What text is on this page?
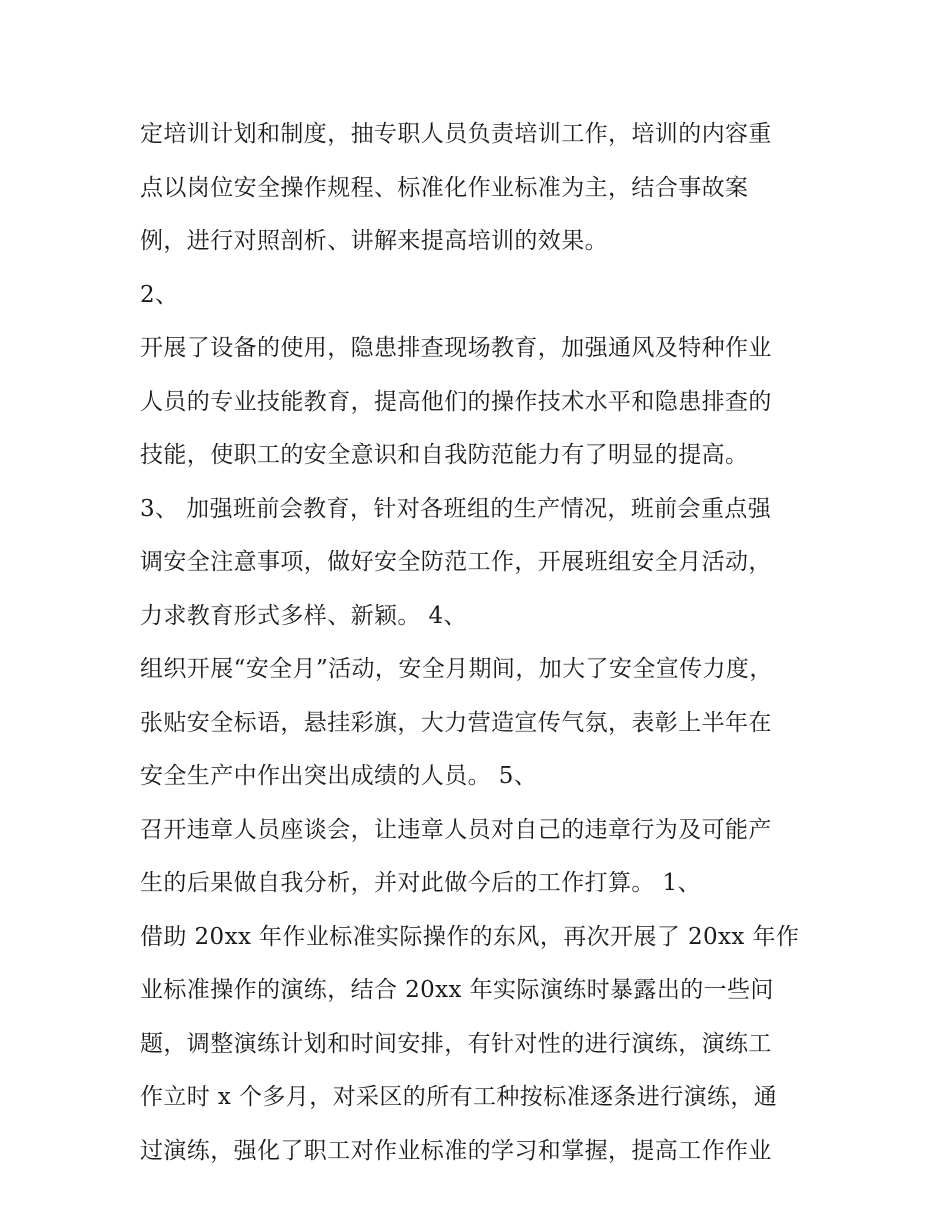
定培训计划和制度，抽专职人员负责培训工作，培训的内容重
点以岗位安全操作规程、标准化作业标准为主，结合事故案
例，进行对照剖析、讲解来提高培训的效果。
2、
开展了设备的使用，隐患排查现场教育，加强通风及特种作业
人员的专业技能教育，提高他们的操作技术水平和隐患排查的
技能，使职工的安全意识和自我防范能力有了明显的提高。
3、 加强班前会教育，针对各班组的生产情况，班前会重点强
调安全注意事项，做好安全防范工作，开展班组安全月活动，
力求教育形式多样、新颖。 4、
组织开展“安全月”活动，安全月期间，加大了安全宣传力度，
张贴安全标语，悬挂彩旗，大力营造宣传气氛，表彰上半年在
安全生产中作出突出成绩的人员。 5、
召开违章人员座谈会，让违章人员对自己的违章行为及可能产
生的后果做自我分析，并对此做今后的工作打算。 1、
借助 20xx 年作业标准实际操作的东风，再次开展了 20xx 年作
业标准操作的演练，结合 20xx 年实际演练时暴露出的一些问
题，调整演练计划和时间安排，有针对性的进行演练，演练工
作立时 x 个多月，对采区的所有工种按标准逐条进行演练，通
过演练，强化了职工对作业标准的学习和掌握，提高工作作业
